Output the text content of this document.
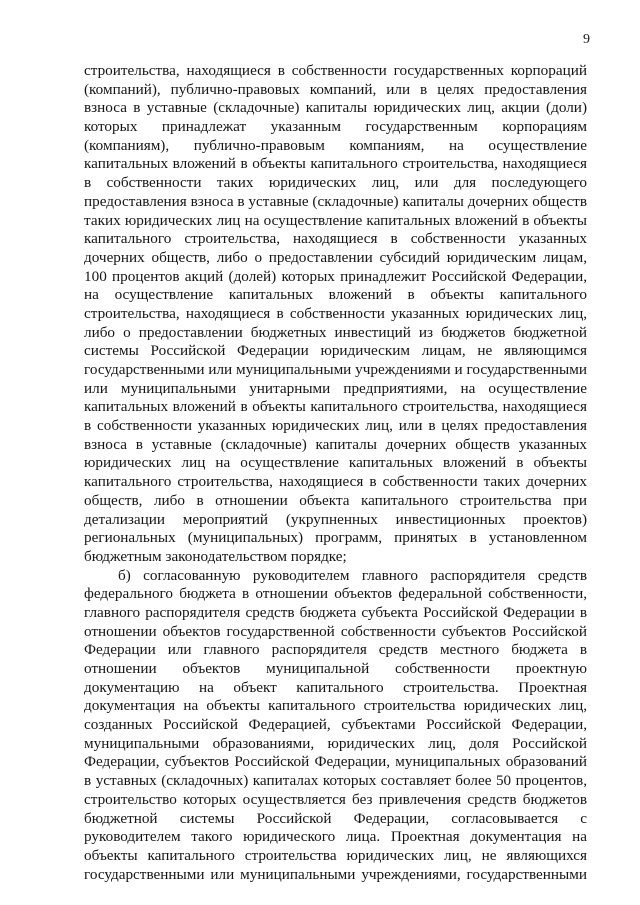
9
строительства, находящиеся в собственности государственных корпораций
(компаний), публично-правовых компаний, или в целях предоставления
взноса в уставные (складочные) капиталы юридических лиц, акции (доли)
которых принадлежат указанным государственным корпорациям
(компаниям), публично-правовым компаниям, на осуществление
капитальных вложений в объекты капитального строительства, находящиеся
в собственности таких юридических лиц, или для последующего
предоставления взноса в уставные (складочные) капиталы дочерних обществ
таких юридических лиц на осуществление капитальных вложений в объекты
капитального строительства, находящиеся в собственности указанных
дочерних обществ, либо о предоставлении субсидий юридическим лицам,
100 процентов акций (долей) которых принадлежит Российской Федерации,
на осуществление капитальных вложений в объекты капитального
строительства, находящиеся в собственности указанных юридических лиц,
либо о предоставлении бюджетных инвестиций из бюджетов бюджетной
системы Российской Федерации юридическим лицам, не являющимся
государственными или муниципальными учреждениями и государственными
или муниципальными унитарными предприятиями, на осуществление
капитальных вложений в объекты капитального строительства, находящиеся
в собственности указанных юридических лиц, или в целях предоставления
взноса в уставные (складочные) капиталы дочерних обществ указанных
юридических лиц на осуществление капитальных вложений в объекты
капитального строительства, находящиеся в собственности таких дочерних
обществ, либо в отношении объекта капитального строительства при
детализации мероприятий (укрупненных инвестиционных проектов)
региональных (муниципальных) программ, принятых в установленном
бюджетным законодательством порядке;
б) согласованную руководителем главного распорядителя средств
федерального бюджета в отношении объектов федеральной собственности,
главного распорядителя средств бюджета субъекта Российской Федерации в
отношении объектов государственной собственности субъектов Российской
Федерации или главного распорядителя средств местного бюджета в
отношении объектов муниципальной собственности проектную
документацию на объект капитального строительства. Проектная
документация на объекты капитального строительства юридических лиц,
созданных Российской Федерацией, субъектами Российской Федерации,
муниципальными образованиями, юридических лиц, доля Российской
Федерации, субъектов Российской Федерации, муниципальных образований
в уставных (складочных) капиталах которых составляет более 50 процентов,
строительство которых осуществляется без привлечения средств бюджетов
бюджетной системы Российской Федерации, согласовывается с
руководителем такого юридического лица. Проектная документация на
объекты капитального строительства юридических лиц, не являющихся
государственными или муниципальными учреждениями, государственными
